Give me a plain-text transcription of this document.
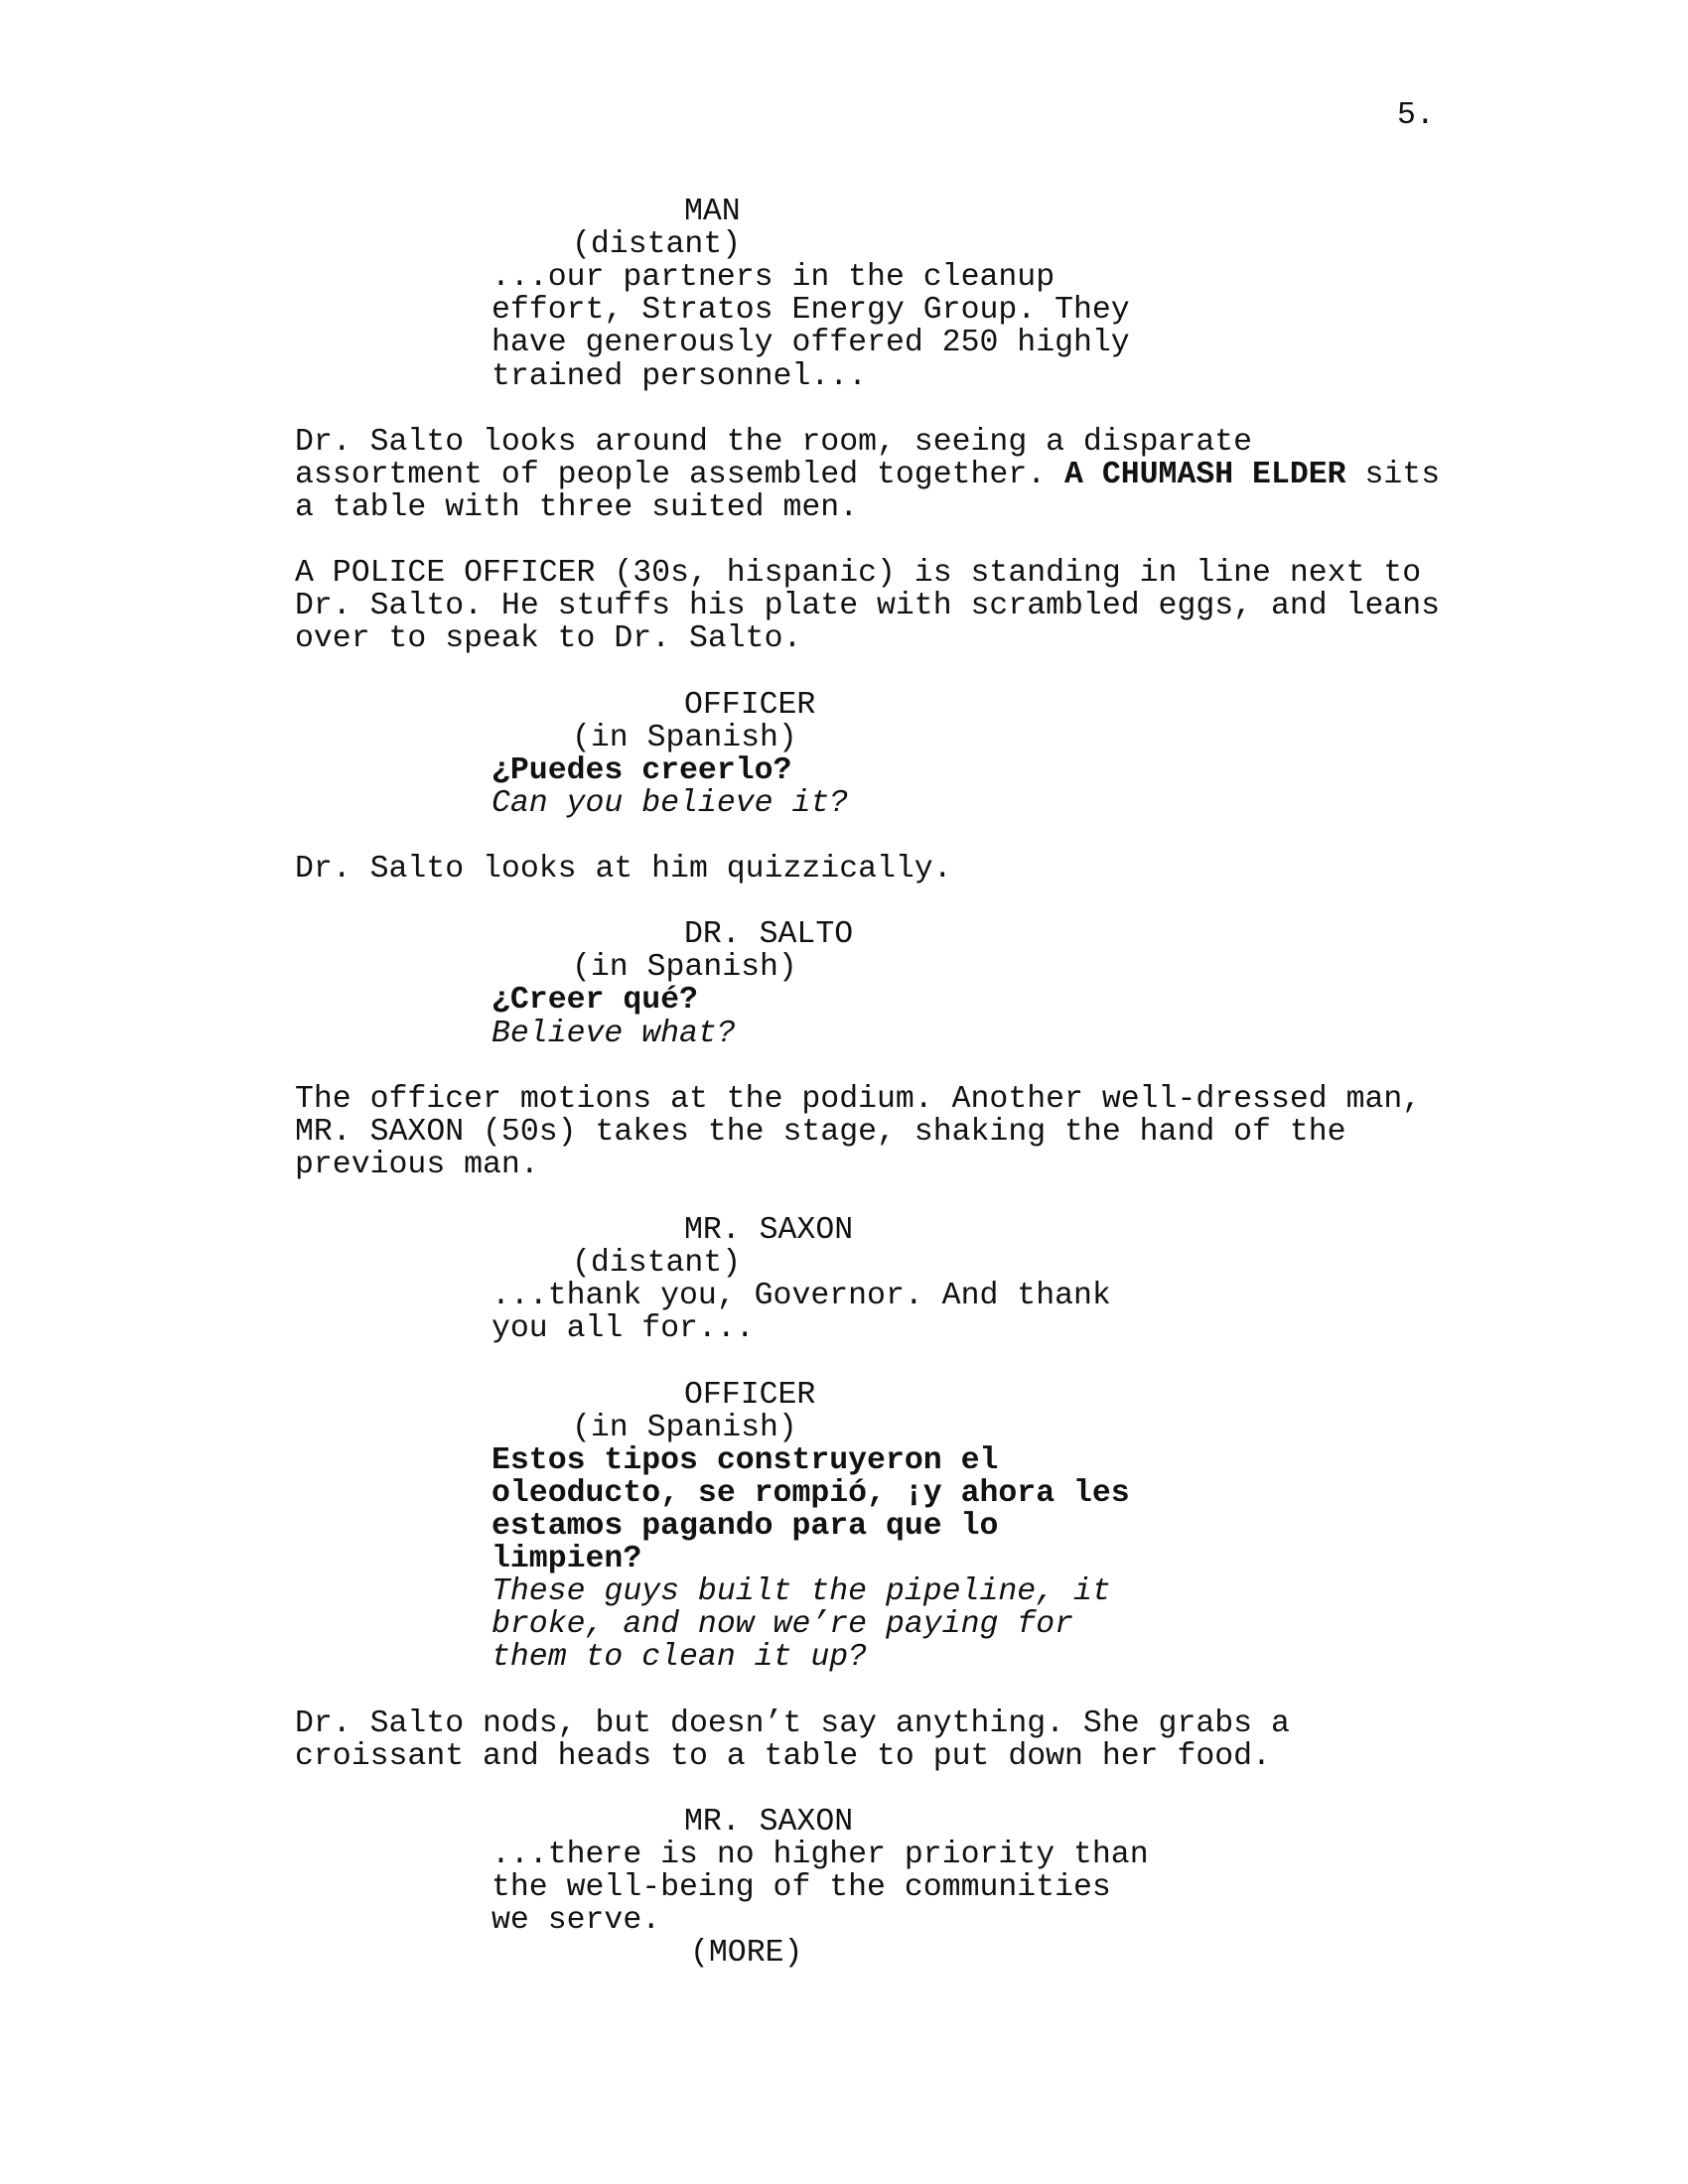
5.
MAN
(distant)
...our partners in the cleanup
effort, Stratos Energy Group. They
have generously offered 250 highly
trained personnel...
Dr. Salto looks around the room, seeing a disparate
assortment of people assembled together. A CHUMASH ELDER sits
a table with three suited men.
A POLICE OFFICER (30s, hispanic) is standing in line next to
Dr. Salto. He stuffs his plate with scrambled eggs, and leans
over to speak to Dr. Salto.
OFFICER
(in Spanish)
¿Puedes creerlo?
Can you believe it?
Dr. Salto looks at him quizzically.
DR. SALTO
(in Spanish)
¿Creer qué?
Believe what?
The officer motions at the podium. Another well-dressed man,
MR. SAXON (50s) takes the stage, shaking the hand of the
previous man.
MR. SAXON
(distant)
...thank you, Governor. And thank
you all for...
OFFICER
(in Spanish)
Estos tipos construyeron el
oleoducto, se rompió, ¡y ahora les
estamos pagando para que lo
limpien?
These guys built the pipeline, it
broke, and now we’re paying for
them to clean it up?
Dr. Salto nods, but doesn’t say anything. She grabs a
croissant and heads to a table to put down her food.
MR. SAXON
...there is no higher priority than
the well-being of the communities
we serve.
(MORE)
